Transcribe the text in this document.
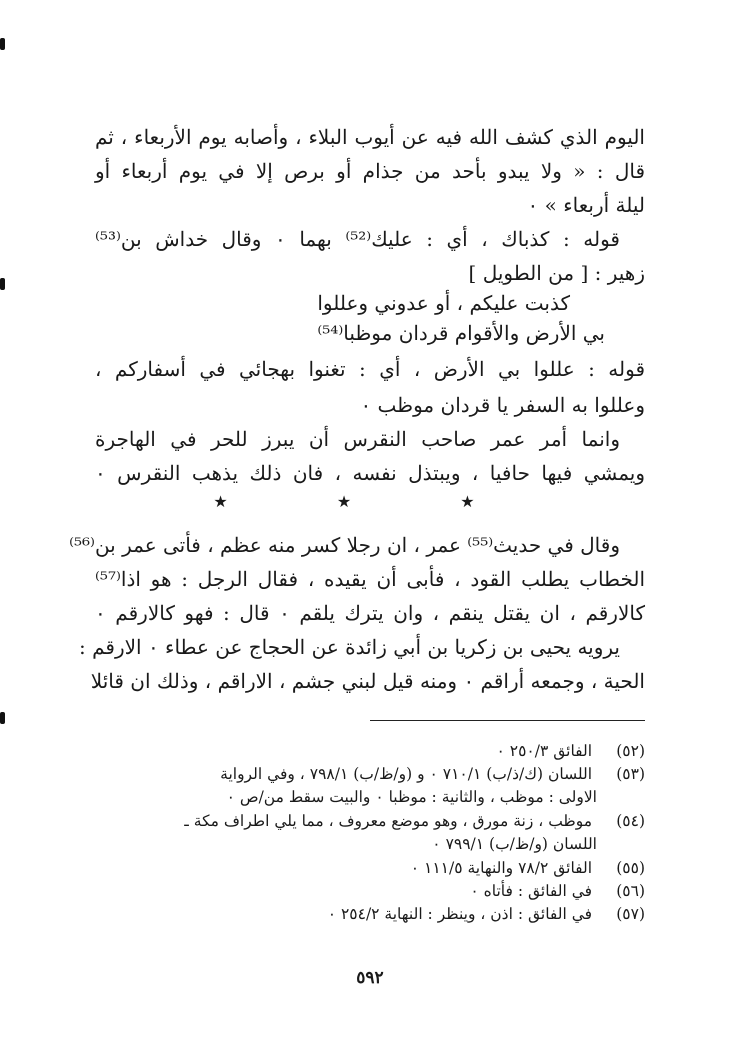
اليوم الذي كشف الله فيه عن أيوب البلاء ، وأصابه يوم الأربعاء ، ثم
قال : « ولا يبدو بأحد من جذام أو برص إلا في يوم أربعاء أو
ليلة أربعاء » ٠
قوله : كذباك ، أي : عليك⁽⁵²⁾ بهما ٠ وقال خداش بن⁽⁵³⁾
زهير : [ من الطويل ]
كذبت عليكم ، أو عدوني وعللوا
بي الأرض والأقوام قردان موظبا⁽⁵⁴⁾
قوله : عللوا بي الأرض ، أي : تغنوا بهجائي في أسفاركم ،
وعللوا به السفر يا قردان موظب ٠
وانما أمر عمر صاحب النقرس أن يبرز للحر في الهاجرة
ويمشي فيها حافيا ، ويبتذل نفسه ، فان ذلك يذهب النقرس ٠
★ ★ ★
وقال في حديث⁽⁵⁵⁾ عمر ، ان رجلا كسر منه عظم ، فأتى عمر بن⁽⁵⁶⁾
الخطاب يطلب القود ، فأبى أن يقيده ، فقال الرجل : هو اذا⁽⁵⁷⁾
كالارقم ، ان يقتل ينقم ، وان يترك يلقم ٠ قال : فهو كالارقم ٠
يرويه يحيى بن زكريا بن أبي زائدة عن الحجاج عن عطاء ٠ الارقم :
الحية ، وجمعه أراقم ٠ ومنه قيل لبني جشم ، الاراقم ، وذلك ان قائلا
(٥٢) الفائق ٢٥٠/٣ ٠
(٥٣) اللسان (ك/ذ/ب) ٧١٠/١ ٠ و (و/ظ/ب) ٧٩٨/١ ، وفي الرواية
الاولى : موظب ، والثانية : موظبا ٠ والبيت سقط من/ص ٠
(٥٤) موظب ، زنة مورق ، وهو موضع معروف ، مما يلي اطراف مكة ـ
اللسان (و/ظ/ب) ٧٩٩/١ ٠
(٥٥) الفائق ٧٨/٢ والنهاية ١١١/٥ ٠
(٥٦) في الفائق : فأتاه ٠
(٥٧) في الفائق : اذن ، وينظر : النهاية ٢٥٤/٢ ٠
٥٩٢
